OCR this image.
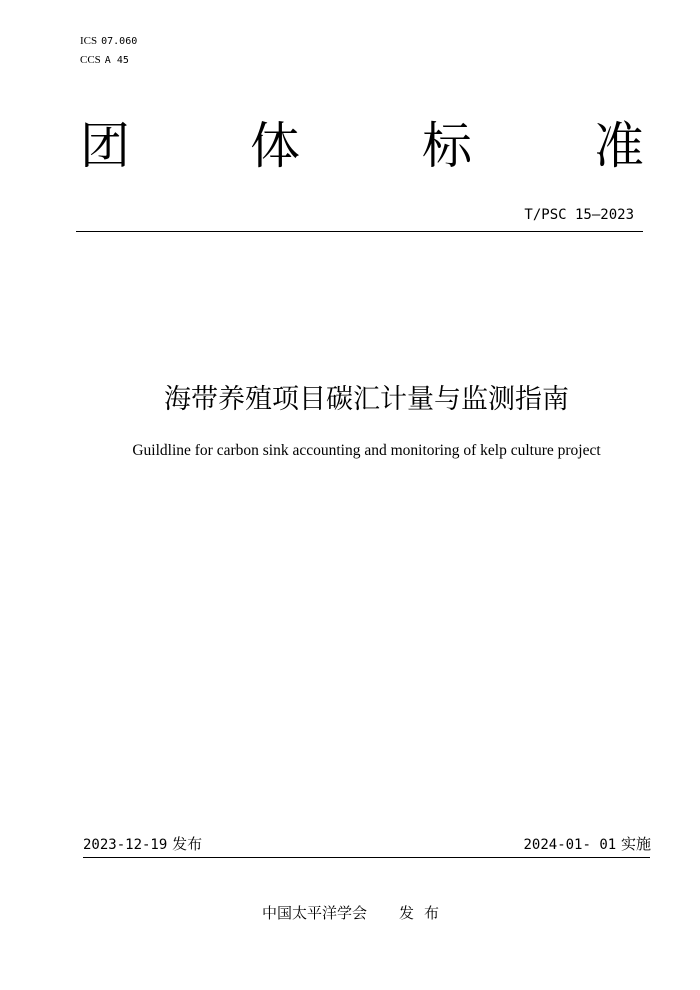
ICS 07.060
CCS A 45
团 体 标 准
T/PSC 15—2023
海带养殖项目碳汇计量与监测指南
Guildline for carbon sink accounting and monitoring of kelp culture project
2023-12-19 发布	2024-01- 01 实施
中国太平洋学会 发布
